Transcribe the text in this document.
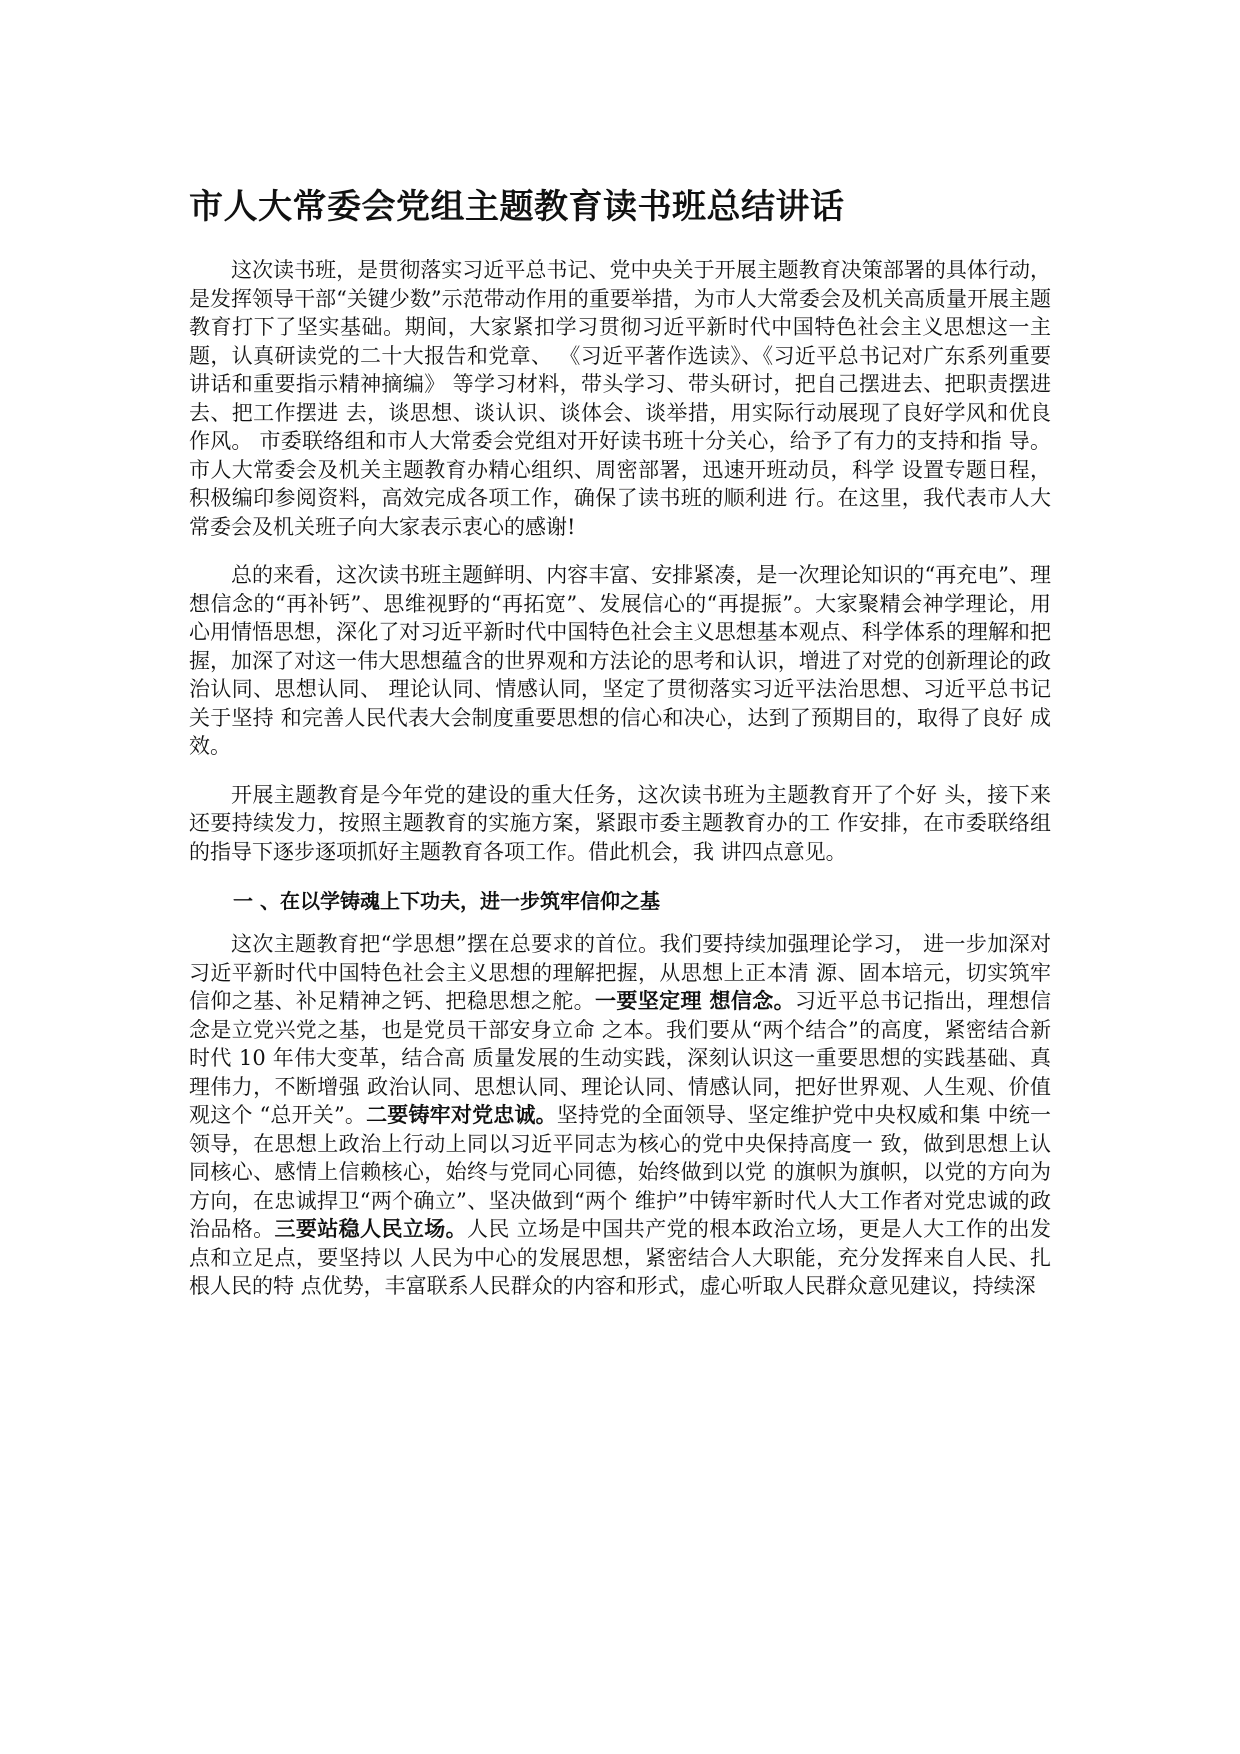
市人大常委会党组主题教育读书班总结讲话

这次读书班，是贯彻落实习近平总书记、党中央关于开展主题教育决策部署的具体行动，是发挥领导干部“关键少数”示范带动作用的重要举措，为市人大常委会及机关高质量开展主题教育打下了坚实基础。期间，大家紧扣学习贯彻习近平新时代中国特色社会主义思想这一主题，认真研读党的二十大报告和党章、 《习近平著作选读》、《习近平总书记对广东系列重要讲话和重要指示精神摘编》 等学习材料，带头学习、带头研讨，把自己摆进去、把职责摆进去、把工作摆进 去，谈思想、谈认识、谈体会、谈举措，用实际行动展现了良好学风和优良作风。 市委联络组和市人大常委会党组对开好读书班十分关心，给予了有力的支持和指 导。市人大常委会及机关主题教育办精心组织、周密部署，迅速开班动员，科学 设置专题日程，积极编印参阅资料，高效完成各项工作，确保了读书班的顺利进 行。在这里，我代表市人大常委会及机关班子向大家表示衷心的感谢!

总的来看，这次读书班主题鲜明、内容丰富、安排紧凑，是一次理论知识的“再充电”、理想信念的“再补钙”、思维视野的“再拓宽”、发展信心的“再提振”。大家聚精会神学理论，用心用情悟思想，深化了对习近平新时代中国特色社会主义思想基本观点、科学体系的理解和把握，加深了对这一伟大思想蕴含的世界观和方法论的思考和认识，增进了对党的创新理论的政治认同、思想认同、 理论认同、情感认同，坚定了贯彻落实习近平法治思想、习近平总书记关于坚持 和完善人民代表大会制度重要思想的信心和决心，达到了预期目的，取得了良好 成效。

开展主题教育是今年党的建设的重大任务，这次读书班为主题教育开了个好 头，接下来还要持续发力，按照主题教育的实施方案，紧跟市委主题教育办的工 作安排，在市委联络组的指导下逐步逐项抓好主题教育各项工作。借此机会，我 讲四点意见。

一 、在以学铸魂上下功夫，进一步筑牢信仰之基

这次主题教育把“学思想”摆在总要求的首位。我们要持续加强理论学习， 进一步加深对习近平新时代中国特色社会主义思想的理解把握，从思想上正本清 源、固本培元，切实筑牢信仰之基、补足精神之钙、把稳思想之舵。一要坚定理 想信念。习近平总书记指出，理想信念是立党兴党之基，也是党员干部安身立命 之本。我们要从“两个结合”的高度，紧密结合新时代 10 年伟大变革，结合高 质量发展的生动实践，深刻认识这一重要思想的实践基础、真理伟力，不断增强 政治认同、思想认同、理论认同、情感认同，把好世界观、人生观、价值观这个 “总开关”。二要铸牢对党忠诚。坚持党的全面领导、坚定维护党中央权威和集 中统一领导，在思想上政治上行动上同以习近平同志为核心的党中央保持高度一 致，做到思想上认同核心、感情上信赖核心，始终与党同心同德，始终做到以党 的旗帜为旗帜，以党的方向为方向，在忠诚捍卫“两个确立”、坚决做到“两个 维护”中铸牢新时代人大工作者对党忠诚的政治品格。三要站稳人民立场。人民 立场是中国共产党的根本政治立场，更是人大工作的出发点和立足点，要坚持以 人民为中心的发展思想，紧密结合人大职能，充分发挥来自人民、扎根人民的特 点优势，丰富联系人民群众的内容和形式，虚心听取人民群众意见建议，持续深
